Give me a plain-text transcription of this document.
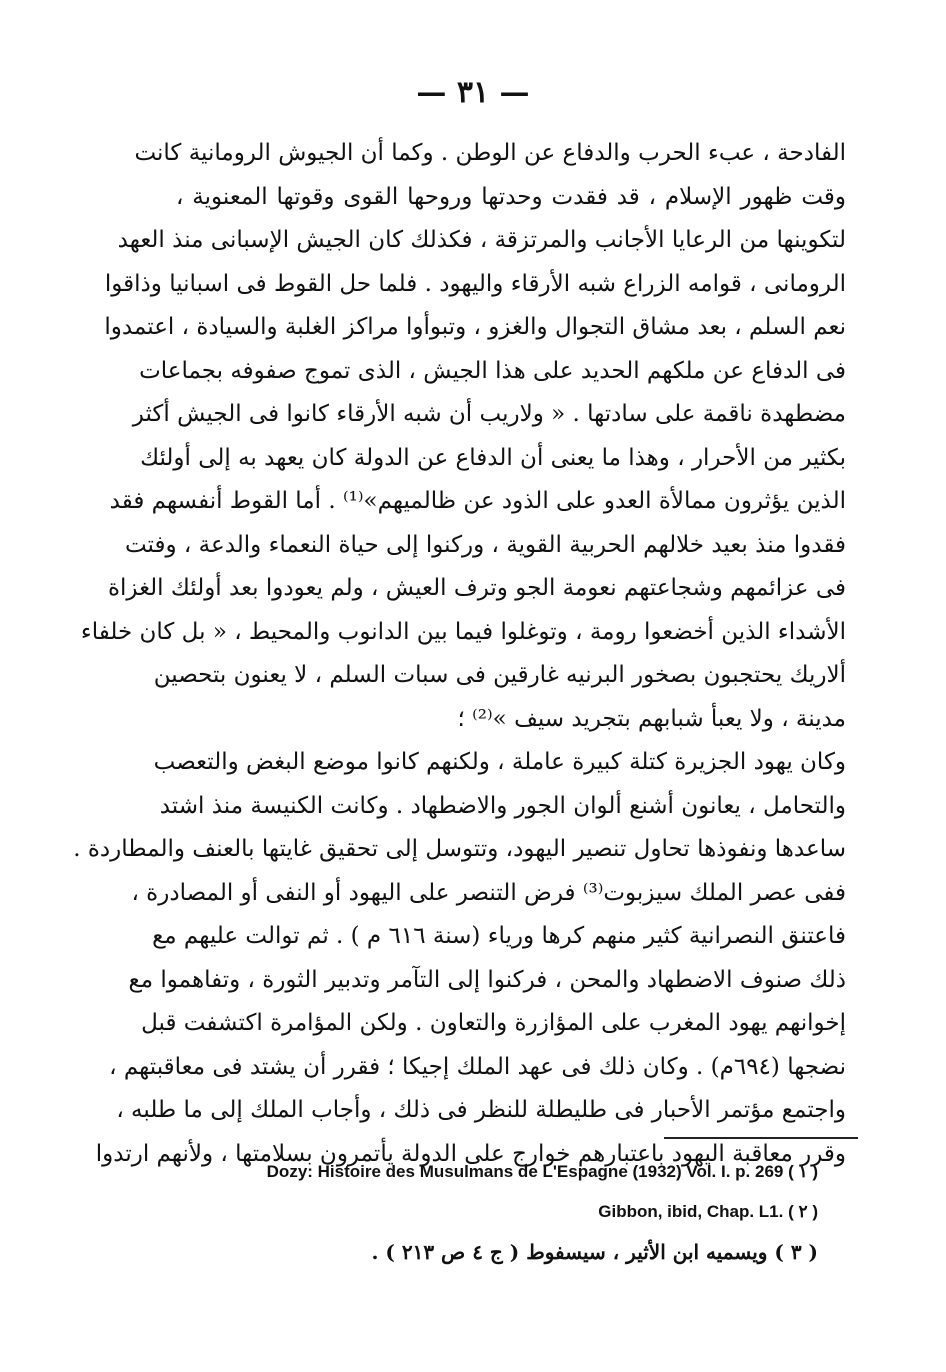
— ٣١ —
الفادحة ، عبء الحرب والدفاع عن الوطن . وكما أن الجيوش الرومانية كانت
وقت ظهور الإسلام ، قد فقدت وحدتها وروحها القوى وقوتها المعنوية ،
لتكوينها من الرعايا الأجانب والمرتزقة ، فكذلك كان الجيش الإسبانى منذ العهد
الرومانى ، قوامه الزراع شبه الأرقاء واليهود . فلما حل القوط فى اسبانيا وذاقوا
نعم السلم ، بعد مشاق التجوال والغزو ، وتبوأوا مراكز الغلبة والسيادة ، اعتمدوا
فى الدفاع عن ملكهم الحديد على هذا الجيش ، الذى تموج صفوفه بجماعات
مضطهدة ناقمة على سادتها . « ولاريب أن شبه الأرقاء كانوا فى الجيش أكثر
بكثير من الأحرار ، وهذا ما يعنى أن الدفاع عن الدولة كان يعهد به إلى أولئك
الذين يؤثرون ممالأة العدو على الذود عن ظالميهم»⁽¹⁾ . أما القوط أنفسهم فقد
فقدوا منذ بعيد خلالهم الحربية القوية ، وركنوا إلى حياة النعماء والدعة ، وفتت
فى عزائمهم وشجاعتهم نعومة الجو وترف العيش ، ولم يعودوا بعد أولئك الغزاة
الأشداء الذين أخضعوا رومة ، وتوغلوا فيما بين الدانوب والمحيط ، « بل كان خلفاء
ألاريك يحتجبون بصخور البرنيه غارقين فى سبات السلم ، لا يعنون بتحصين
مدينة ، ولا يعبأ شبابهم بتجريد سيف »⁽²⁾ ؛
وكان يهود الجزيرة كتلة كبيرة عاملة ، ولكنهم كانوا موضع البغض والتعصب
والتحامل ، يعانون أشنع ألوان الجور والاضطهاد . وكانت الكنيسة منذ اشتد
ساعدها ونفوذها تحاول تنصير اليهود، وتتوسل إلى تحقيق غايتها بالعنف والمطاردة .
ففى عصر الملك سيزبوت⁽³⁾ فرض التنصر على اليهود أو النفى أو المصادرة ،
فاعتنق النصرانية كثير منهم كرها ورياء (سنة ٦١٦ م ) . ثم توالت عليهم مع
ذلك صنوف الاضطهاد والمحن ، فركنوا إلى التآمر وتدبير الثورة ، وتفاهموا مع
إخوانهم يهود المغرب على المؤازرة والتعاون . ولكن المؤامرة اكتشفت قبل
نضجها (٦٩٤م) . وكان ذلك فى عهد الملك إجيكا ؛ فقرر أن يشتد فى معاقبتهم ،
واجتمع مؤتمر الأحبار فى طليطلة للنظر فى ذلك ، وأجاب الملك إلى ما طلبه ،
وقرر معاقبة اليهود باعتبارهم خوارج على الدولة يأتمرون بسلامتها ، ولأنهم ارتدوا
Dozy: Histoire des Musulmans de L'Espagne (1932) Vol. I. p. 269 ( ١ )
Gibbon, ibid, Chap. L1. ( ٢ )
( ٣ ) ويسميه ابن الأثير ، سيسفوط ( ج ٤ ص ٢١٣ ) .
